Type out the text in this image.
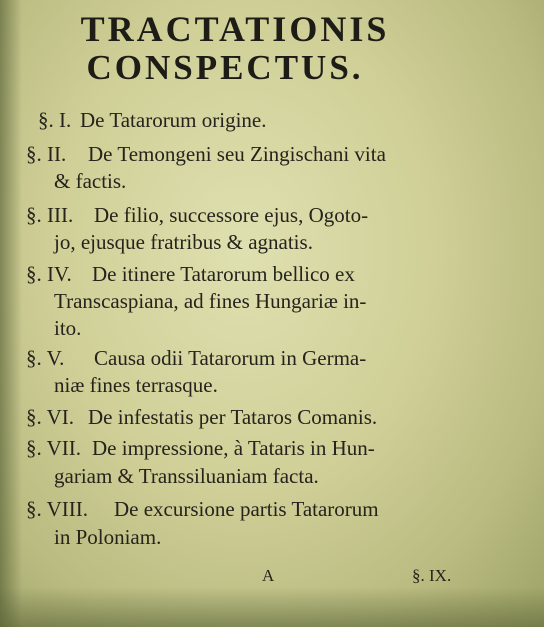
TRACTATIONIS
CONSPECTUS.
§. I. De Tatarorum origine.
§. II. De Temongeni seu Zingischani vita
& factis.
§. III. De filio, successore ejus, Ogoto-
jo, ejusque fratribus & agnatis.
§. IV. De itinere Tatarorum bellico ex
Transcaspiana, ad fines Hungariæ in-
ito.
§. V. Causa odii Tatarorum in Germa-
niæ fines terrasque.
§. VI. De infestatis per Tataros Comanis.
§. VII. De impressione, à Tataris in Hun-
gariam & Transsiluaniam facta.
§. VIII. De excursione partis Tatarorum
in Poloniam.
A	§. IX.
